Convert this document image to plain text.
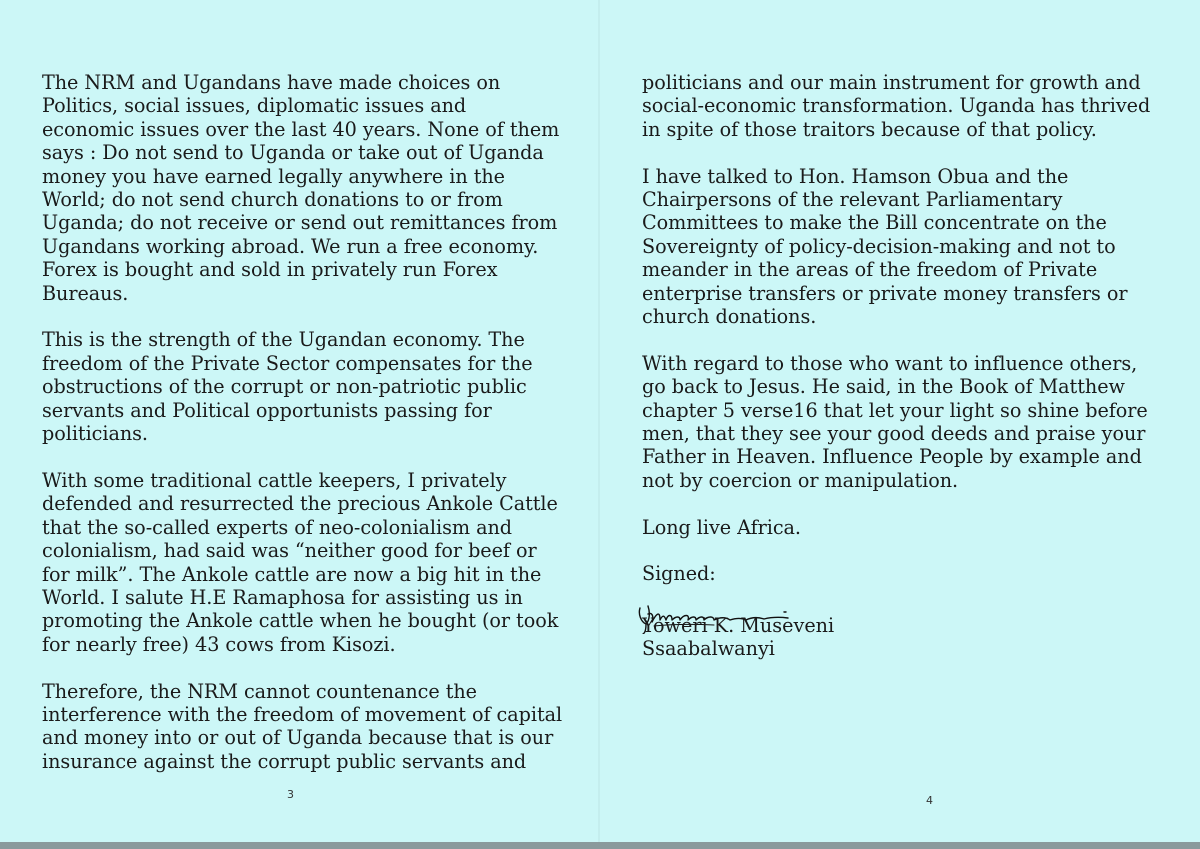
The NRM and Ugandans have made choices on
Politics, social issues, diplomatic issues and
economic issues over the last 40 years. None of them
says : Do not send to Uganda or take out of Uganda
money you have earned legally anywhere in the
World; do not send church donations to or from
Uganda; do not receive or send out remittances from
Ugandans working abroad. We run a free economy.
Forex is bought and sold in privately run Forex
Bureaus.

This is the strength of the Ugandan economy. The
freedom of the Private Sector compensates for the
obstructions of the corrupt or non-patriotic public
servants and Political opportunists passing for
politicians.

With some traditional cattle keepers, I privately
defended and resurrected the precious Ankole Cattle
that the so-called experts of neo-colonialism and
colonialism, had said was “neither good for beef or
for milk”. The Ankole cattle are now a big hit in the
World. I salute H.E Ramaphosa for assisting us in
promoting the Ankole cattle when he bought (or took
for nearly free) 43 cows from Kisozi.

Therefore, the NRM cannot countenance the
interference with the freedom of movement of capital
and money into or out of Uganda because that is our
insurance against the corrupt public servants and

3

politicians and our main instrument for growth and
social-economic transformation. Uganda has thrived
in spite of those traitors because of that policy.

I have talked to Hon. Hamson Obua and the
Chairpersons of the relevant Parliamentary
Committees to make the Bill concentrate on the
Sovereignty of policy-decision-making and not to
meander in the areas of the freedom of Private
enterprise transfers or private money transfers or
church donations.

With regard to those who want to influence others,
go back to Jesus. He said, in the Book of Matthew
chapter 5 verse16 that let your light so shine before
men, that they see your good deeds and praise your
Father in Heaven. Influence People by example and
not by coercion or manipulation.

Long live Africa.

Signed:

4
Yoweri K. Museveni
Ssaabalwanyi
